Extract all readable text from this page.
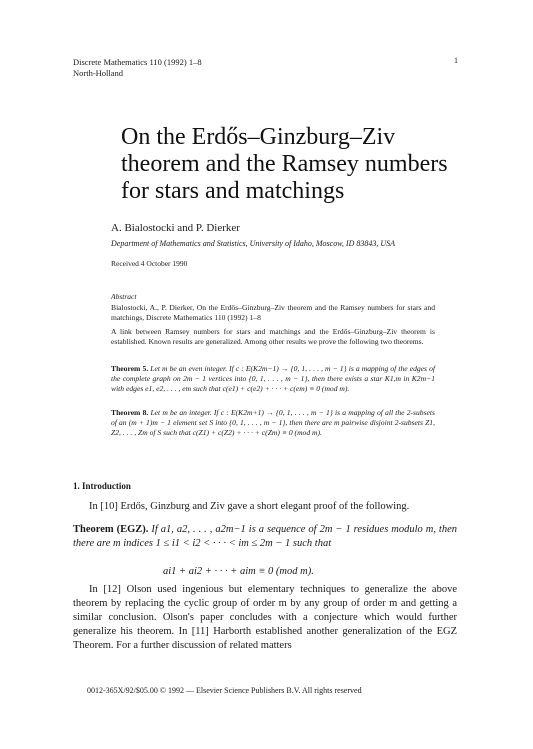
Discrete Mathematics 110 (1992) 1–8
North-Holland
1
On the Erdős–Ginzburg–Ziv
theorem and the Ramsey numbers
for stars and matchings
A. Bialostocki and P. Dierker
Department of Mathematics and Statistics, University of Idaho, Moscow, ID 83843, USA
Received 4 October 1990
Abstract
Bialostocki, A., P. Dierker, On the Erdős–Ginzburg–Ziv theorem and the Ramsey numbers for stars and matchings, Discrete Mathematics 110 (1992) 1–8
A link between Ramsey numbers for stars and matchings and the Erdős–Ginzburg–Ziv theorem is established. Known results are generalized. Among other results we prove the following two theorems.
Theorem 5. Let m be an even integer. If c : E(K2m−1) → {0, 1, . . . , m − 1} is a mapping of the edges of the complete graph on 2m − 1 vertices into {0, 1, . . . , m − 1}, then there exists a star K1,m in K2m−1 with edges e1, e2, . . . , em such that c(e1) + c(e2) + · · · + c(em) ≡ 0 (mod m).
Theorem 8. Let m be an integer. If c : E(K2m+1) → {0, 1, . . . , m − 1} is a mapping of all the 2-subsets of an (m + 1)m − 1 element set S into {0, 1, . . . , m − 1}, then there are m pairwise disjoint 2-subsets Z1, Z2, . . . , Zm of S such that c(Z1) + c(Z2) + · · · + c(Zm) ≡ 0 (mod m).
1. Introduction
In [10] Erdős, Ginzburg and Ziv gave a short elegant proof of the following.
Theorem (EGZ). If a1, a2, . . . , a2m−1 is a sequence of 2m − 1 residues modulo m, then there are m indices 1 ≤ i1 < i2 < · · · < im ≤ 2m − 1 such that
ai1 + ai2 + · · · + aim ≡ 0 (mod m).
In [12] Olson used ingenious but elementary techniques to generalize the above theorem by replacing the cyclic group of order m by any group of order m and getting a similar conclusion. Olson's paper concludes with a conjecture which would further generalize his theorem. In [11] Harborth established another generalization of the EGZ Theorem. For a further discussion of related matters
0012-365X/92/$05.00 © 1992 — Elsevier Science Publishers B.V. All rights reserved
